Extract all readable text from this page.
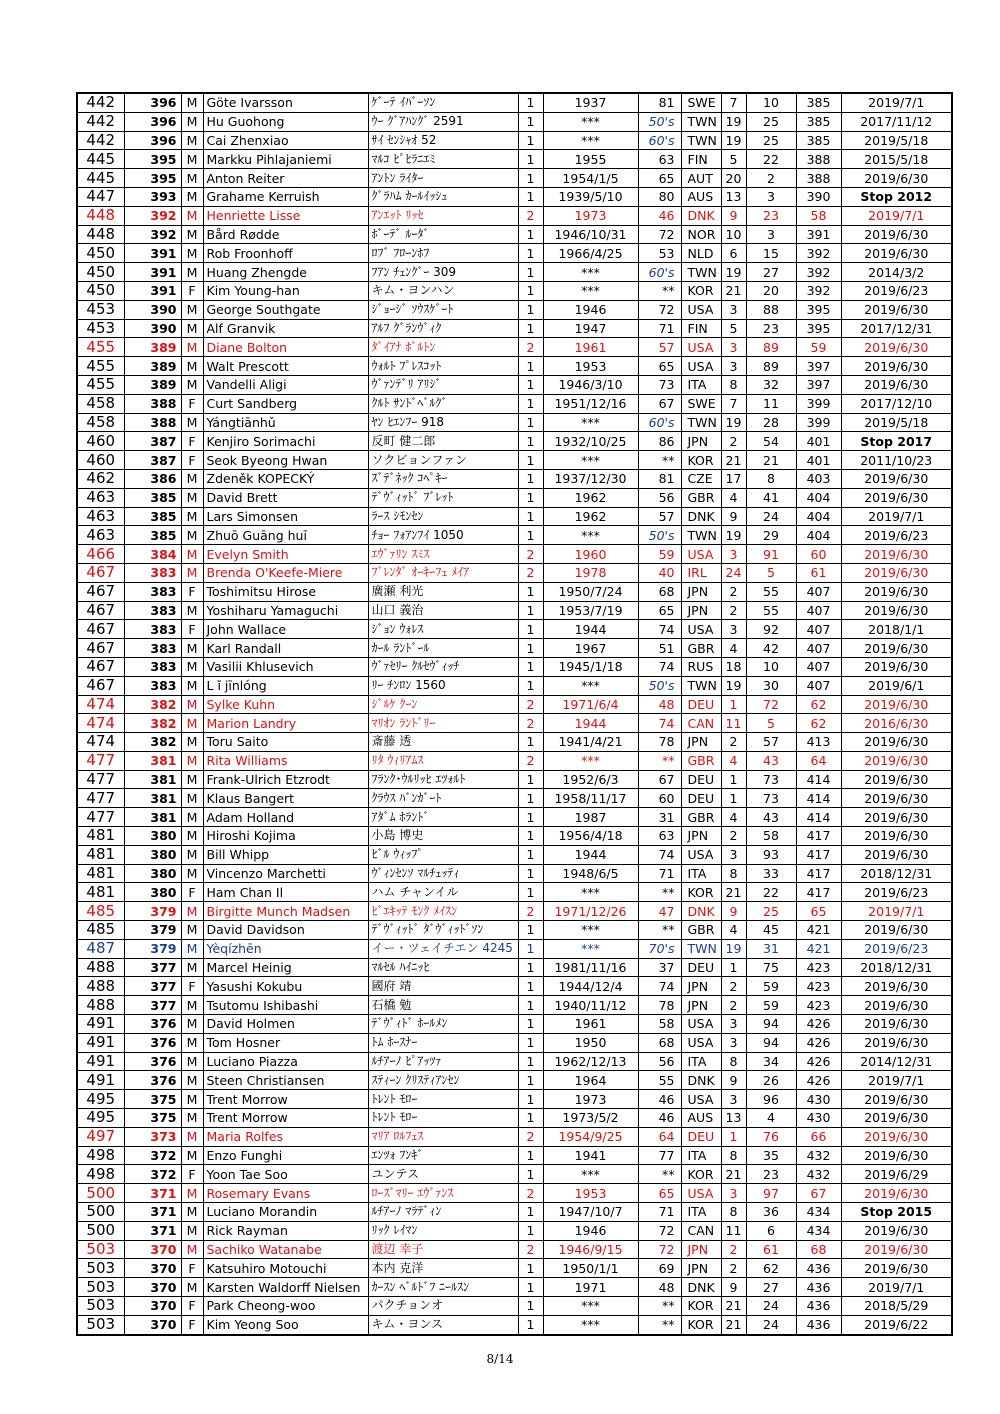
442	396	M	Göte Ivarsson	ｹﾞｰﾃ ｲﾊﾞｰｿﾝ	1	1937	81	SWE	7	10	385	2019/7/1
442	396	M	Hu Guohong	ｳｰ ｸﾞｱﾊﾝｸﾞ 2591	1	***	50's	TWN	19	25	385	2017/11/12
442	396	M	Cai Zhenxiao	ｻｲ ｾﾝｼｬｵ 52	1	***	60's	TWN	19	25	385	2019/5/18
445	395	M	Markku Pihlajaniemi	ﾏﾙｺ ﾋﾟﾋﾗﾆｴﾐ	1	1955	63	FIN	5	22	388	2015/5/18
445	395	M	Anton Reiter	ｱﾝﾄﾝ ﾗｲﾀｰ	1	1954/1/5	65	AUT	20	2	388	2019/6/30
447	393	M	Grahame Kerruish	ｸﾞﾗﾊﾑ ｶｰﾙｲｯｼｭ	1	1939/5/10	80	AUS	13	3	390	Stop 2012
448	392	M	Henriette Lisse	ｱﾝｴｯﾄ ﾘｯｾ	2	1973	46	DNK	9	23	58	2019/7/1
448	392	M	Bård Rødde	ﾎﾞｰﾃﾞ ﾙｰﾀﾞ	1	1946/10/31	72	NOR	10	3	391	2019/6/30
450	391	M	Rob Froonhoff	ﾛﾌﾞ ﾌﾛｰﾝﾎﾌ	1	1966/4/25	53	NLD	6	15	392	2019/6/30
450	391	M	Huang Zhengde	ﾌｱﾝ ﾁｪﾝｸﾞｰ 309	1	***	60's	TWN	19	27	392	2014/3/2
450	391	F	Kim Young-han	キム・ヨンハン	1	***	**	KOR	21	20	392	2019/6/23
453	390	M	George Southgate	ｼﾞｮｰｼﾞ ｿｳｽｹﾞｰﾄ	1	1946	72	USA	3	88	395	2019/6/30
453	390	M	Alf Granvik	ｱﾙﾌ ｸﾞﾗﾝｳﾞｨｸ	1	1947	71	FIN	5	23	395	2017/12/31
455	389	M	Diane Bolton	ﾀﾞｲｱﾅ ﾎﾞﾙﾄﾝ	2	1961	57	USA	3	89	59	2019/6/30
455	389	M	Walt Prescott	ｳｫﾙﾄ ﾌﾟﾚｽｺｯﾄ	1	1953	65	USA	3	89	397	2019/6/30
455	389	M	Vandelli Aligi	ｳﾞｧﾝﾃﾞﾘ ｱﾘｼﾞ	1	1946/3/10	73	ITA	8	32	397	2019/6/30
458	388	F	Curt Sandberg	ｸﾙﾄ ｻﾝﾄﾞﾍﾞﾙｸﾞ	1	1951/12/16	67	SWE	7	11	399	2017/12/10
458	388	M	Yángtiānhǔ	ﾔﾝ ﾋｴﾝﾌｰ 918	1	***	60's	TWN	19	28	399	2019/5/18
460	387	F	Kenjiro Sorimachi	反町 健二郎	1	1932/10/25	86	JPN	2	54	401	Stop 2017
460	387	F	Seok Byeong Hwan	ソクビョンファン	1	***	**	KOR	21	21	401	2011/10/23
462	386	M	Zdeněk KOPECKÝ	ｽﾞﾃﾞﾈｯｸ ｺﾍﾟｷｰ	1	1937/12/30	81	CZE	17	8	403	2019/6/30
463	385	M	David Brett	ﾃﾞｳﾞｨｯﾄﾞ ﾌﾞﾚｯﾄ	1	1962	56	GBR	4	41	404	2019/6/30
463	385	M	Lars Simonsen	ﾗｰｽ ｼﾓﾝｾﾝ	1	1962	57	DNK	9	24	404	2019/7/1
463	385	M	Zhuō Guāng huī	ﾁｮｰ ﾌｫｱﾝﾌｲ 1050	1	***	50's	TWN	19	29	404	2019/6/23
466	384	M	Evelyn Smith	ｴｳﾞｧﾘﾝ ｽﾐｽ	2	1960	59	USA	3	91	60	2019/6/30
467	383	M	Brenda O'Keefe-Miere	ﾌﾞﾚﾝﾀﾞ ｵｰｷｰﾌｪ ﾒｲｱ	2	1978	40	IRL	24	5	61	2019/6/30
467	383	F	Toshimitsu Hirose	廣瀬 利光	1	1950/7/24	68	JPN	2	55	407	2019/6/30
467	383	M	Yoshiharu Yamaguchi	山口 義治	1	1953/7/19	65	JPN	2	55	407	2019/6/30
467	383	F	John Wallace	ｼﾞｮﾝ ｳｫﾚｽ	1	1944	74	USA	3	92	407	2018/1/1
467	383	M	Karl Randall	ｶｰﾙ ﾗﾝﾄﾞｰﾙ	1	1967	51	GBR	4	42	407	2019/6/30
467	383	M	Vasilii Khlusevich	ｳﾞｧｾﾘｰ ｸﾙｾｳﾞｨｯﾁ	1	1945/1/18	74	RUS	18	10	407	2019/6/30
467	383	M	L ǐ jīnlóng	ﾘｰ ﾁﾝﾛﾝ 1560	1	***	50's	TWN	19	30	407	2019/6/1
474	382	M	Sylke Kuhn	ｼﾞﾙｹ ｸｰﾝ	2	1971/6/4	48	DEU	1	72	62	2019/6/30
474	382	M	Marion Landry	ﾏﾘｵﾝ ﾗﾝﾄﾞﾘｰ	2	1944	74	CAN	11	5	62	2016/6/30
474	382	M	Toru Saito	斎藤 透	1	1941/4/21	78	JPN	2	57	413	2019/6/30
477	381	M	Rita Williams	ﾘﾀ ｳｨﾘｱﾑｽ	2	***	**	GBR	4	43	64	2019/6/30
477	381	M	Frank-Ulrich Etzrodt	ﾌﾗﾝｸ･ｳﾙﾘｯﾋ ｴﾂｫﾙﾄ	1	1952/6/3	67	DEU	1	73	414	2019/6/30
477	381	M	Klaus Bangert	ｸﾗｳｽ ﾊﾞﾝｶﾞｰﾄ	1	1958/11/17	60	DEU	1	73	414	2019/6/30
477	381	M	Adam Holland	ｱﾀﾞﾑ ﾎﾗﾝﾄﾞ	1	1987	31	GBR	4	43	414	2019/6/30
481	380	M	Hiroshi Kojima	小島 博史	1	1956/4/18	63	JPN	2	58	417	2019/6/30
481	380	M	Bill Whipp	ﾋﾞﾙ ｳｨｯﾌﾟ	1	1944	74	USA	3	93	417	2019/6/30
481	380	M	Vincenzo Marchetti	ｳﾞｨﾝｾﾝｿ ﾏﾙﾁｪｯﾃｨ	1	1948/6/5	71	ITA	8	33	417	2018/12/31
481	380	F	Ham Chan Il	ハム チャンイル	1	***	**	KOR	21	22	417	2019/6/23
485	379	M	Birgitte Munch Madsen	ﾋﾞｴｷｯﾃ ﾓﾝｸ ﾒｲｽﾝ	2	1971/12/26	47	DNK	9	25	65	2019/7/1
485	379	M	David Davidson	ﾃﾞｳﾞｨｯﾄﾞ ﾀﾞｳﾞｨｯﾄﾞｿﾝ	1	***	**	GBR	4	45	421	2019/6/30
487	379	M	Yèqízhēn	イー・ツェイチエン 4245	1	***	70's	TWN	19	31	421	2019/6/23
488	377	M	Marcel Heinig	ﾏﾙｾﾙ ﾊｲﾆｯﾋ	1	1981/11/16	37	DEU	1	75	423	2018/12/31
488	377	F	Yasushi Kokubu	國府 靖	1	1944/12/4	74	JPN	2	59	423	2019/6/30
488	377	M	Tsutomu Ishibashi	石橋 勉	1	1940/11/12	78	JPN	2	59	423	2019/6/30
491	376	M	David Holmen	ﾃﾞｳﾞｨﾄﾞ ﾎｰﾙﾒﾝ	1	1961	58	USA	3	94	426	2019/6/30
491	376	M	Tom Hosner	ﾄﾑ ﾎｰｽﾅｰ	1	1950	68	USA	3	94	426	2019/6/30
491	376	M	Luciano Piazza	ﾙﾁｱｰﾉ ﾋﾟｱｯﾂｧ	1	1962/12/13	56	ITA	8	34	426	2014/12/31
491	376	M	Steen Christiansen	ｽﾃｨｰﾝ ｸﾘｽﾃｨｱﾝｾﾝ	1	1964	55	DNK	9	26	426	2019/7/1
495	375	M	Trent Morrow	ﾄﾚﾝﾄ ﾓﾛｰ	1	1973	46	USA	3	96	430	2019/6/30
495	375	M	Trent Morrow	ﾄﾚﾝﾄ ﾓﾛｰ	1	1973/5/2	46	AUS	13	4	430	2019/6/30
497	373	M	Maria Rolfes	ﾏﾘｱ ﾛﾙﾌｪｽ	2	1954/9/25	64	DEU	1	76	66	2019/6/30
498	372	M	Enzo Funghi	ｴﾝﾂｫ ﾌﾝｷﾞ	1	1941	77	ITA	8	35	432	2019/6/30
498	372	F	Yoon Tae Soo	ユンテス	1	***	**	KOR	21	23	432	2019/6/29
500	371	M	Rosemary Evans	ﾛｰｽﾞﾏﾘｰ ｴｳﾞｧﾝｽ	2	1953	65	USA	3	97	67	2019/6/30
500	371	M	Luciano Morandin	ﾙﾁｱｰﾉ ﾏﾗﾃﾞｨﾝ	1	1947/10/7	71	ITA	8	36	434	Stop 2015
500	371	M	Rick Rayman	ﾘｯｸ ﾚｲﾏﾝ	1	1946	72	CAN	11	6	434	2019/6/30
503	370	M	Sachiko Watanabe	渡辺 幸子	2	1946/9/15	72	JPN	2	61	68	2019/6/30
503	370	F	Katsuhiro Motouchi	本内 克洋	1	1950/1/1	69	JPN	2	62	436	2019/6/30
503	370	M	Karsten Waldorff Nielsen	ｶｰｽﾝ ﾍﾞﾙﾄﾞﾌ ﾆｰﾙｽﾝ	1	1971	48	DNK	9	27	436	2019/7/1
503	370	F	Park Cheong-woo	パクチョンオ	1	***	**	KOR	21	24	436	2018/5/29
503	370	F	Kim Yeong Soo	キム・ヨンス	1	***	**	KOR	21	24	436	2019/6/22
8/14
